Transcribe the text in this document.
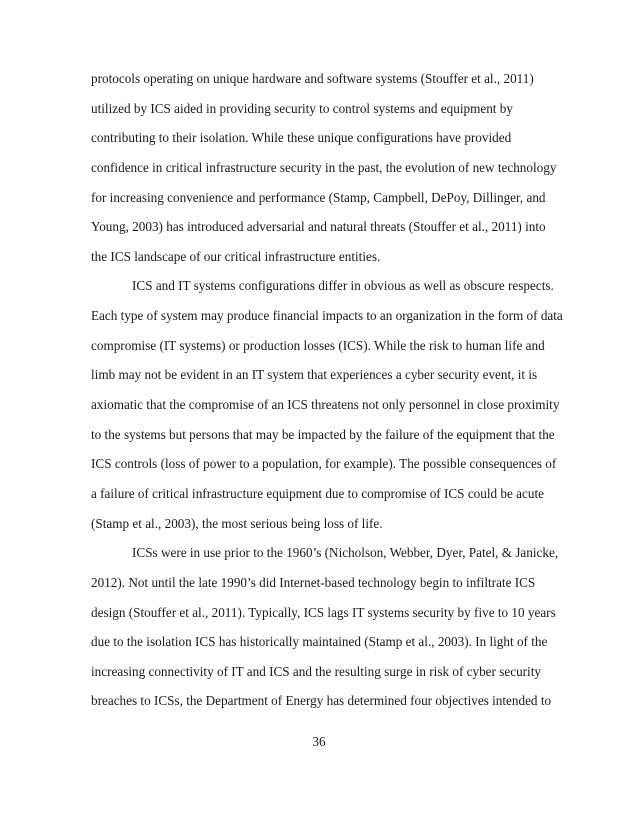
protocols operating on unique hardware and software systems (Stouffer et al., 2011)
utilized by ICS aided in providing security to control systems and equipment by
contributing to their isolation. While these unique configurations have provided
confidence in critical infrastructure security in the past, the evolution of new technology
for increasing convenience and performance (Stamp, Campbell, DePoy, Dillinger, and
Young, 2003) has introduced adversarial and natural threats (Stouffer et al., 2011) into
the ICS landscape of our critical infrastructure entities.
ICS and IT systems configurations differ in obvious as well as obscure respects.
Each type of system may produce financial impacts to an organization in the form of data
compromise (IT systems) or production losses (ICS). While the risk to human life and
limb may not be evident in an IT system that experiences a cyber security event, it is
axiomatic that the compromise of an ICS threatens not only personnel in close proximity
to the systems but persons that may be impacted by the failure of the equipment that the
ICS controls (loss of power to a population, for example). The possible consequences of
a failure of critical infrastructure equipment due to compromise of ICS could be acute
(Stamp et al., 2003), the most serious being loss of life.
ICSs were in use prior to the 1960’s (Nicholson, Webber, Dyer, Patel, & Janicke,
2012). Not until the late 1990’s did Internet-based technology begin to infiltrate ICS
design (Stouffer et al., 2011). Typically, ICS lags IT systems security by five to 10 years
due to the isolation ICS has historically maintained (Stamp et al., 2003). In light of the
increasing connectivity of IT and ICS and the resulting surge in risk of cyber security
breaches to ICSs, the Department of Energy has determined four objectives intended to
36
